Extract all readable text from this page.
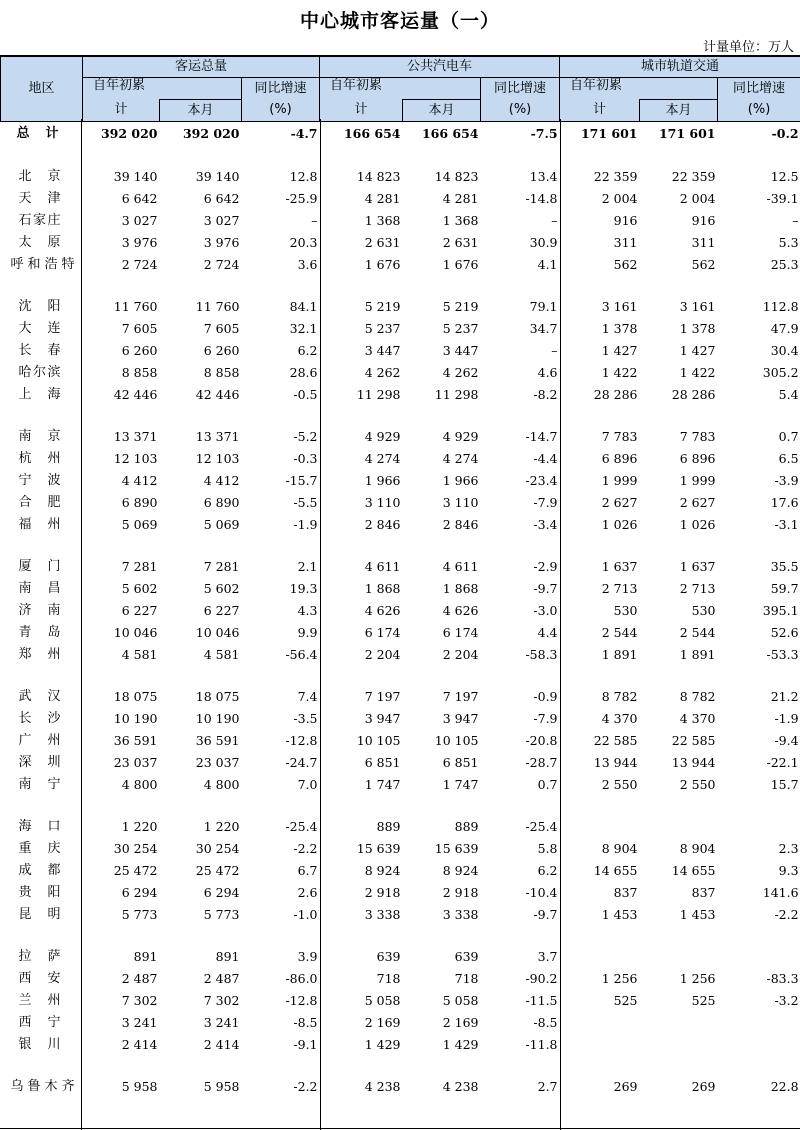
中心城市客运量（一）
计量单位：万人
地区	客运总量			公共汽电车			城市轨道交通		
	自年初累		同比增速	自年初累		同比增速	自年初累		同比增速
	计	本月	(%)	计	本月	(%)	计	本月	(%)
总 计	392 020	392 020	-4.7	166 654	166 654	-7.5	171 601	171 601	-0.2

北京	39 140	39 140	12.8	14 823	14 823	13.4	22 359	22 359	12.5
天津	6 642	6 642	-25.9	4 281	4 281	-14.8	2 004	2 004	-39.1
石家庄	3 027	3 027	–	1 368	1 368	–	916	916	–
太原	3 976	3 976	20.3	2 631	2 631	30.9	311	311	5.3
呼和浩特	2 724	2 724	3.6	1 676	1 676	4.1	562	562	25.3

沈阳	11 760	11 760	84.1	5 219	5 219	79.1	3 161	3 161	112.8
大连	7 605	7 605	32.1	5 237	5 237	34.7	1 378	1 378	47.9
长春	6 260	6 260	6.2	3 447	3 447	–	1 427	1 427	30.4
哈尔滨	8 858	8 858	28.6	4 262	4 262	4.6	1 422	1 422	305.2
上海	42 446	42 446	-0.5	11 298	11 298	-8.2	28 286	28 286	5.4

南京	13 371	13 371	-5.2	4 929	4 929	-14.7	7 783	7 783	0.7
杭州	12 103	12 103	-0.3	4 274	4 274	-4.4	6 896	6 896	6.5
宁波	4 412	4 412	-15.7	1 966	1 966	-23.4	1 999	1 999	-3.9
合肥	6 890	6 890	-5.5	3 110	3 110	-7.9	2 627	2 627	17.6
福州	5 069	5 069	-1.9	2 846	2 846	-3.4	1 026	1 026	-3.1

厦门	7 281	7 281	2.1	4 611	4 611	-2.9	1 637	1 637	35.5
南昌	5 602	5 602	19.3	1 868	1 868	-9.7	2 713	2 713	59.7
济南	6 227	6 227	4.3	4 626	4 626	-3.0	530	530	395.1
青岛	10 046	10 046	9.9	6 174	6 174	4.4	2 544	2 544	52.6
郑州	4 581	4 581	-56.4	2 204	2 204	-58.3	1 891	1 891	-53.3

武汉	18 075	18 075	7.4	7 197	7 197	-0.9	8 782	8 782	21.2
长沙	10 190	10 190	-3.5	3 947	3 947	-7.9	4 370	4 370	-1.9
广州	36 591	36 591	-12.8	10 105	10 105	-20.8	22 585	22 585	-9.4
深圳	23 037	23 037	-24.7	6 851	6 851	-28.7	13 944	13 944	-22.1
南宁	4 800	4 800	7.0	1 747	1 747	0.7	2 550	2 550	15.7

海口	1 220	1 220	-25.4	889	889	-25.4			
重庆	30 254	30 254	-2.2	15 639	15 639	5.8	8 904	8 904	2.3
成都	25 472	25 472	6.7	8 924	8 924	6.2	14 655	14 655	9.3
贵阳	6 294	6 294	2.6	2 918	2 918	-10.4	837	837	141.6
昆明	5 773	5 773	-1.0	3 338	3 338	-9.7	1 453	1 453	-2.2

拉萨	891	891	3.9	639	639	3.7			
西安	2 487	2 487	-86.0	718	718	-90.2	1 256	1 256	-83.3
兰州	7 302	7 302	-12.8	5 058	5 058	-11.5	525	525	-3.2
西宁	3 241	3 241	-8.5	2 169	2 169	-8.5			
银川	2 414	2 414	-9.1	1 429	1 429	-11.8			

乌鲁木齐	5 958	5 958	-2.2	4 238	4 238	2.7	269	269	22.8
